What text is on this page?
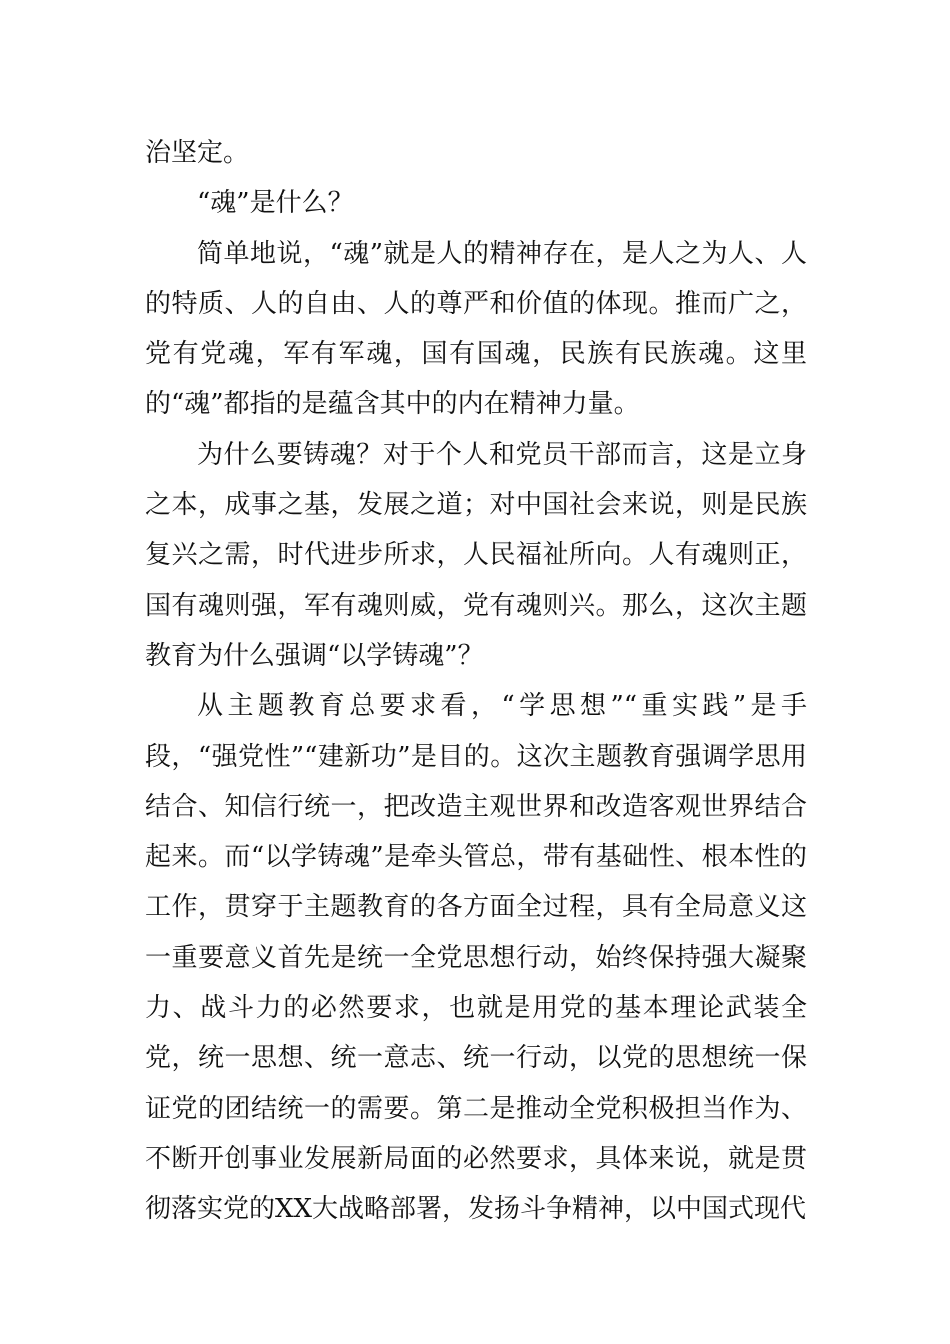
治坚定。

“魂”是什么？

简单地说，“魂”就是人的精神存在，是人之为人、人的特质、人的自由、人的尊严和价值的体现。推而广之，党有党魂，军有军魂，国有国魂，民族有民族魂。这里的“魂”都指的是蕴含其中的内在精神力量。

为什么要铸魂？对于个人和党员干部而言，这是立身之本，成事之基，发展之道；对中国社会来说，则是民族复兴之需，时代进步所求，人民福祉所向。人有魂则正，国有魂则强，军有魂则威，党有魂则兴。那么，这次主题教育为什么强调“以学铸魂”？

从主题教育总要求看，“学思想”“重实践”是手段，“强党性”“建新功”是目的。这次主题教育强调学思用结合、知信行统一，把改造主观世界和改造客观世界结合起来。而“以学铸魂”是牵头管总，带有基础性、根本性的工作，贯穿于主题教育的各方面全过程，具有全局意义这一重要意义首先是统一全党思想行动，始终保持强大凝聚力、战斗力的必然要求，也就是用党的基本理论武装全党，统一思想、统一意志、统一行动，以党的思想统一保证党的团结统一的需要。第二是推动全党积极担当作为、不断开创事业发展新局面的必然要求，具体来说，就是贯彻落实党的XX大战略部署，发扬斗争精神，以中国式现代
